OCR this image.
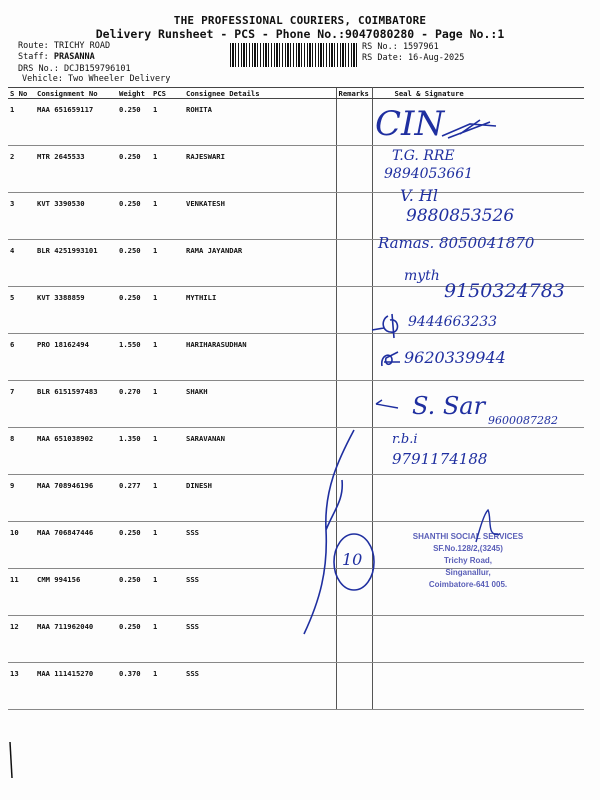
THE PROFESSIONAL COURIERS, COIMBATORE
Delivery Runsheet - PCS - Phone No.:9047080280 - Page No.:1
Route: TRICHY ROAD
Staff: PRASANNA
DRS No.: DCJB159796101
Vehicle: Two Wheeler Delivery
RS No.: 1597961
RS Date: 16-Aug-2025
S No	Consignment No	Weight	PCS	Consignee Details	Remarks	Seal & Signature
1	MAA 651659117	0.250	1	ROHITA		
2	MTR 2645533	0.250	1	RAJESWARI		
3	KVT 3390530	0.250	1	VENKATESH		
4	BLR 4251993101	0.250	1	RAMA JAYANDAR		
5	KVT 3388859	0.250	1	MYTHILI		
6	PRO 18162494	1.550	1	HARIHARASUDHAN		
7	BLR 6151597483	0.270	1	SHAKH		
8	MAA 651038902	1.350	1	SARAVANAN		
9	MAA 708946196	0.277	1	DINESH		
10	MAA 706847446	0.250	1	SSS		
11	CMM 994156	0.250	1	SSS		
12	MAA 711962040	0.250	1	SSS		
13	MAA 111415270	0.370	1	SSS		
CIN
T.G. RRE
9894053661
V. Hl
9880853526
Ramas. 8050041870
myth
9150324783
9444663233
9620339944
S. Sar
9600087282
r.b.i
9791174188
10
SHANTHI SOCIAL SERVICES
SF.No.128/2,(3245)
Trichy Road,
Singanallur,
Coimbatore-641 005.
